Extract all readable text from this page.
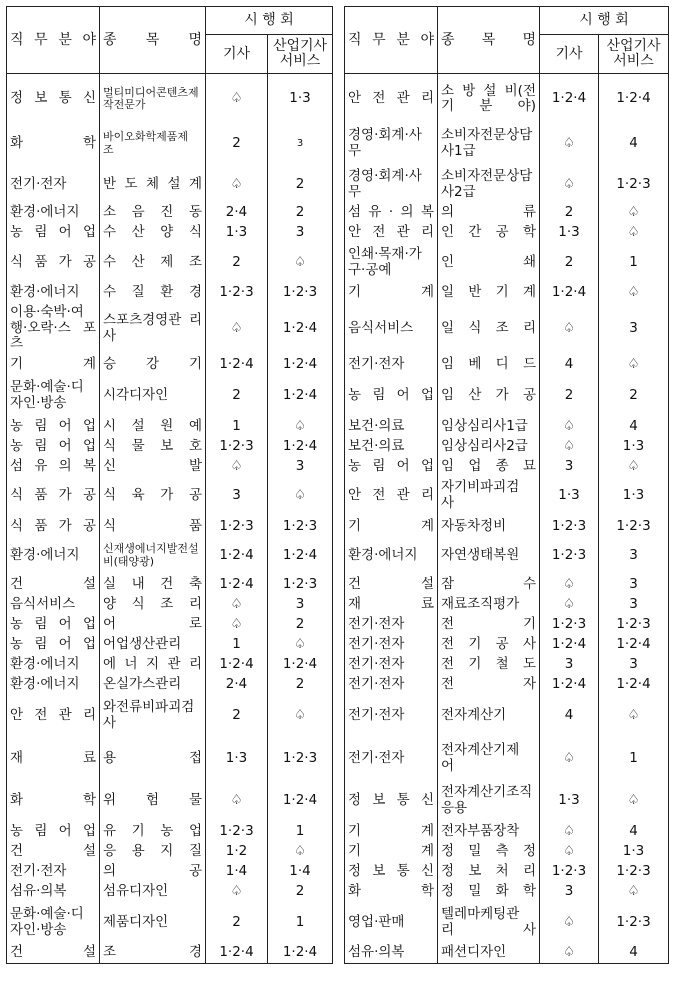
직 무 분 야	종 목 명	시 행 회	
		기사	산업기사
서비스
정 보 통 신	멀티미디어콘텐츠제작전문가	♤	1·3
화 학	바이오화학제품제 조	2	3
전기·전자	반 도 체 설 계	♤	2
환경·에너지	소 음 진 동	2·4	2
농 림 어 업	수 산 양 식	1·3	3
식 품 가 공	수 산 제 조	2	♤
환경·에너지	수 질 환 경	1·2·3	1·2·3
이용·숙박·여행·오락·스 포 츠	스포츠경영관 리 사	♤	1·2·4
기 계	승 강 기	1·2·4	1·2·4
문화·예술·디자인·방송	시각디자인	2	1·2·4
농 림 어 업	시 설 원 예	1	♤
농 림 어 업	식 물 보 호	1·2·3	1·2·4
섬 유 의 복	신 발	♤	3
식 품 가 공	식 육 가 공	3	♤
식 품 가 공	식 품	1·2·3	1·2·3
환경·에너지	신재생에너지발전설비(태양광)	1·2·4	1·2·4
건 설	실 내 건 축	1·2·4	1·2·3
음식서비스	양 식 조 리	♤	3
농 림 어 업	어 로	♤	2
농 림 어 업	어업생산관리	1	♤
환경·에너지	에 너 지 관 리	1·2·4	1·2·4
환경·에너지	온실가스관리	2·4	2
안 전 관 리	와전류비파괴검 사	2	♤
재 료	용 접	1·3	1·2·3
화 학	위 험 물	♤	1·2·4
농 림 어 업	유 기 농 업	1·2·3	1
건 설	응 용 지 질	1·2	♤
전기·전자	의 공	1·4	1·4
섬유·의복	섬유디자인	♤	2
문화·예술·디자인·방송	제품디자인	2	1
건 설	조 경	1·2·4	1·2·4
직 무 분 야	종 목 명	시 행 회	
		기사	산업기사
서비스
안 전 관 리	소 방 설 비(전 기 분 야)	1·2·4	1·2·4
경영·회계·사 무	소비자전문상담사1급	♤	4
경영·회계·사 무	소비자전문상담사2급	♤	1·2·3
섬 유 · 의 복	의 류	2	♤
안 전 관 리	인 간 공 학	1·3	♤
인쇄·목재·가구·공예	인 쇄	2	1
기 계	일 반 기 계	1·2·4	♤
음식서비스	일 식 조 리	♤	3
전기·전자	임 베 디 드	4	♤
농 림 어 업	임 산 가 공	2	2
보건·의료	임상심리사1급	♤	4
보건·의료	임상심리사2급	♤	1·3
농 림 어 업	임 업 종 묘	3	♤
안 전 관 리	자기비파괴검 사	1·3	1·3
기 계	자동차정비	1·2·3	1·2·3
환경·에너지	자연생태복원	1·2·3	3
건 설	잠 수	♤	3
재 료	재료조직평가	♤	3
전기·전자	전 기	1·2·3	1·2·3
전기·전자	전 기 공 사	1·2·4	1·2·4
전기·전자	전 기 철 도	3	3
전기·전자	전 자	1·2·4	1·2·4
전기·전자	전자계산기	4	♤
전기·전자	전자계산기제 어	♤	1
정 보 통 신	전자계산기조직응용	1·3	♤
기 계	전자부품장착	♤	4
기 계	정 밀 측 정	♤	1·3
정 보 통 신	정 보 처 리	1·2·3	1·2·3
화 학	정 밀 화 학	3	♤
영업·판매	텔레마케팅관 리 사	♤	1·2·3
섬유·의복	패션디자인	♤	4
